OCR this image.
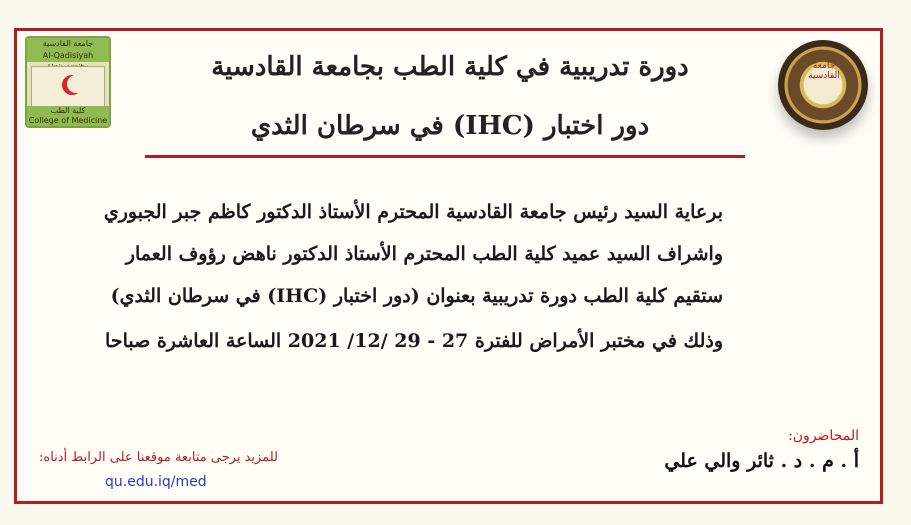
جامعة القادسية
جامعة القادسية
Al-Qadisiyah
كلية الطب
College of Medicine
دورة تدريبية في كلية الطب بجامعة القادسية
دور اختبار (IHC) في سرطان الثدي
برعاية السيد رئيس جامعة القادسية المحترم الأستاذ الدكتور كاظم جبر الجبوري
واشراف السيد عميد كلية الطب المحترم الأستاذ الدكتور ناهض رؤوف العمار
ستقيم كلية الطب دورة تدريبية بعنوان (دور اختبار (IHC) في سرطان الثدي)
وذلك في مختبر الأمراض للفترة 27 - 29 /12/ 2021 الساعة العاشرة صباحا
المحاضرون:
أ . م . د . ثائر والي علي
للمزيد يرجى متابعة موقعنا على الرابط أدناه:
qu.edu.iq/med
